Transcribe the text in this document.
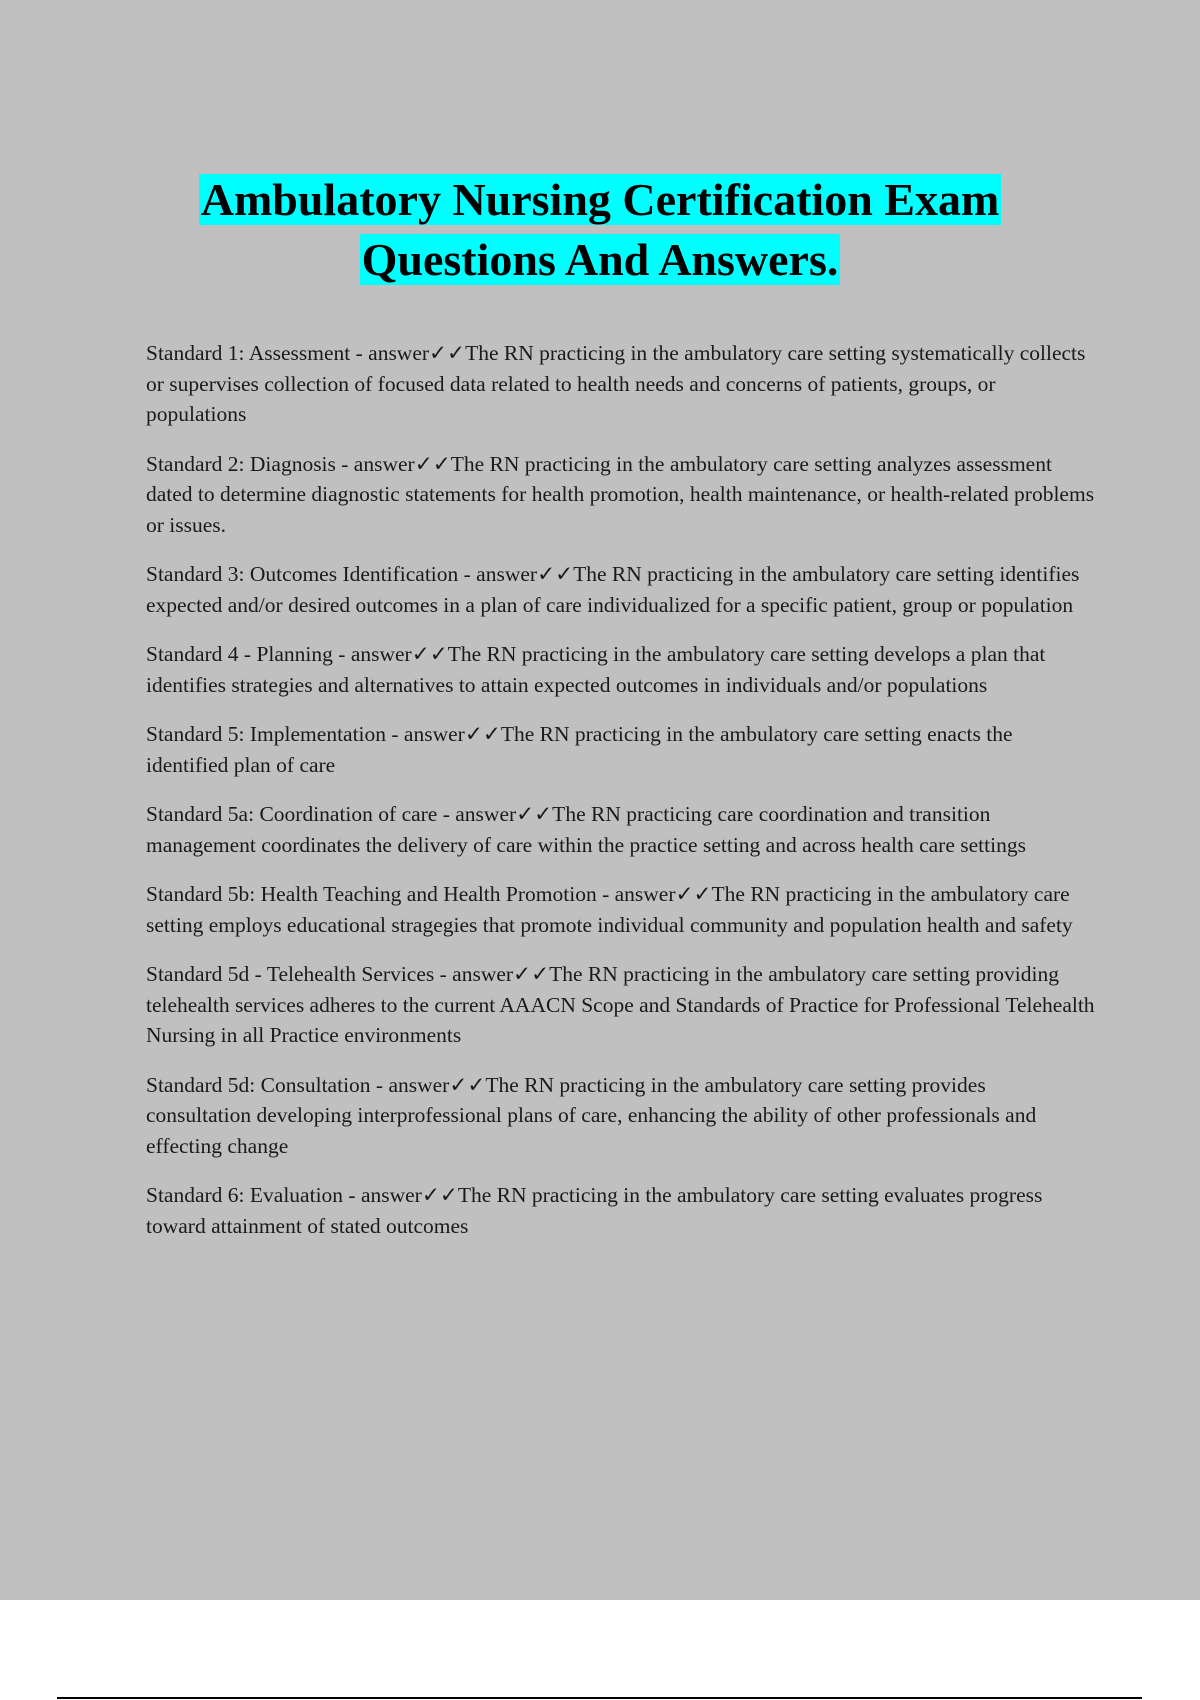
Ambulatory Nursing Certification Exam
Questions And Answers.

Standard 1: Assessment - answer✓✓The RN practicing in the ambulatory care setting systematically collects or supervises collection of focused data related to health needs and concerns of patients, groups, or populations

Standard 2: Diagnosis - answer✓✓The RN practicing in the ambulatory care setting analyzes assessment dated to determine diagnostic statements for health promotion, health maintenance, or health-related problems or issues.

Standard 3: Outcomes Identification - answer✓✓The RN practicing in the ambulatory care setting identifies expected and/or desired outcomes in a plan of care individualized for a specific patient, group or population

Standard 4 - Planning - answer✓✓The RN practicing in the ambulatory care setting develops a plan that identifies strategies and alternatives to attain expected outcomes in individuals and/or populations

Standard 5: Implementation - answer✓✓The RN practicing in the ambulatory care setting enacts the identified plan of care

Standard 5a: Coordination of care - answer✓✓The RN practicing care coordination and transition management coordinates the delivery of care within the practice setting and across health care settings

Standard 5b: Health Teaching and Health Promotion - answer✓✓The RN practicing in the ambulatory care setting employs educational stragegies that promote individual community and population health and safety

Standard 5d - Telehealth Services - answer✓✓The RN practicing in the ambulatory care setting providing telehealth services adheres to the current AAACN Scope and Standards of Practice for Professional Telehealth Nursing in all Practice environments

Standard 5d: Consultation - answer✓✓The RN practicing in the ambulatory care setting provides consultation developing interprofessional plans of care, enhancing the ability of other professionals and effecting change

Standard 6: Evaluation - answer✓✓The RN practicing in the ambulatory care setting evaluates progress toward attainment of stated outcomes
